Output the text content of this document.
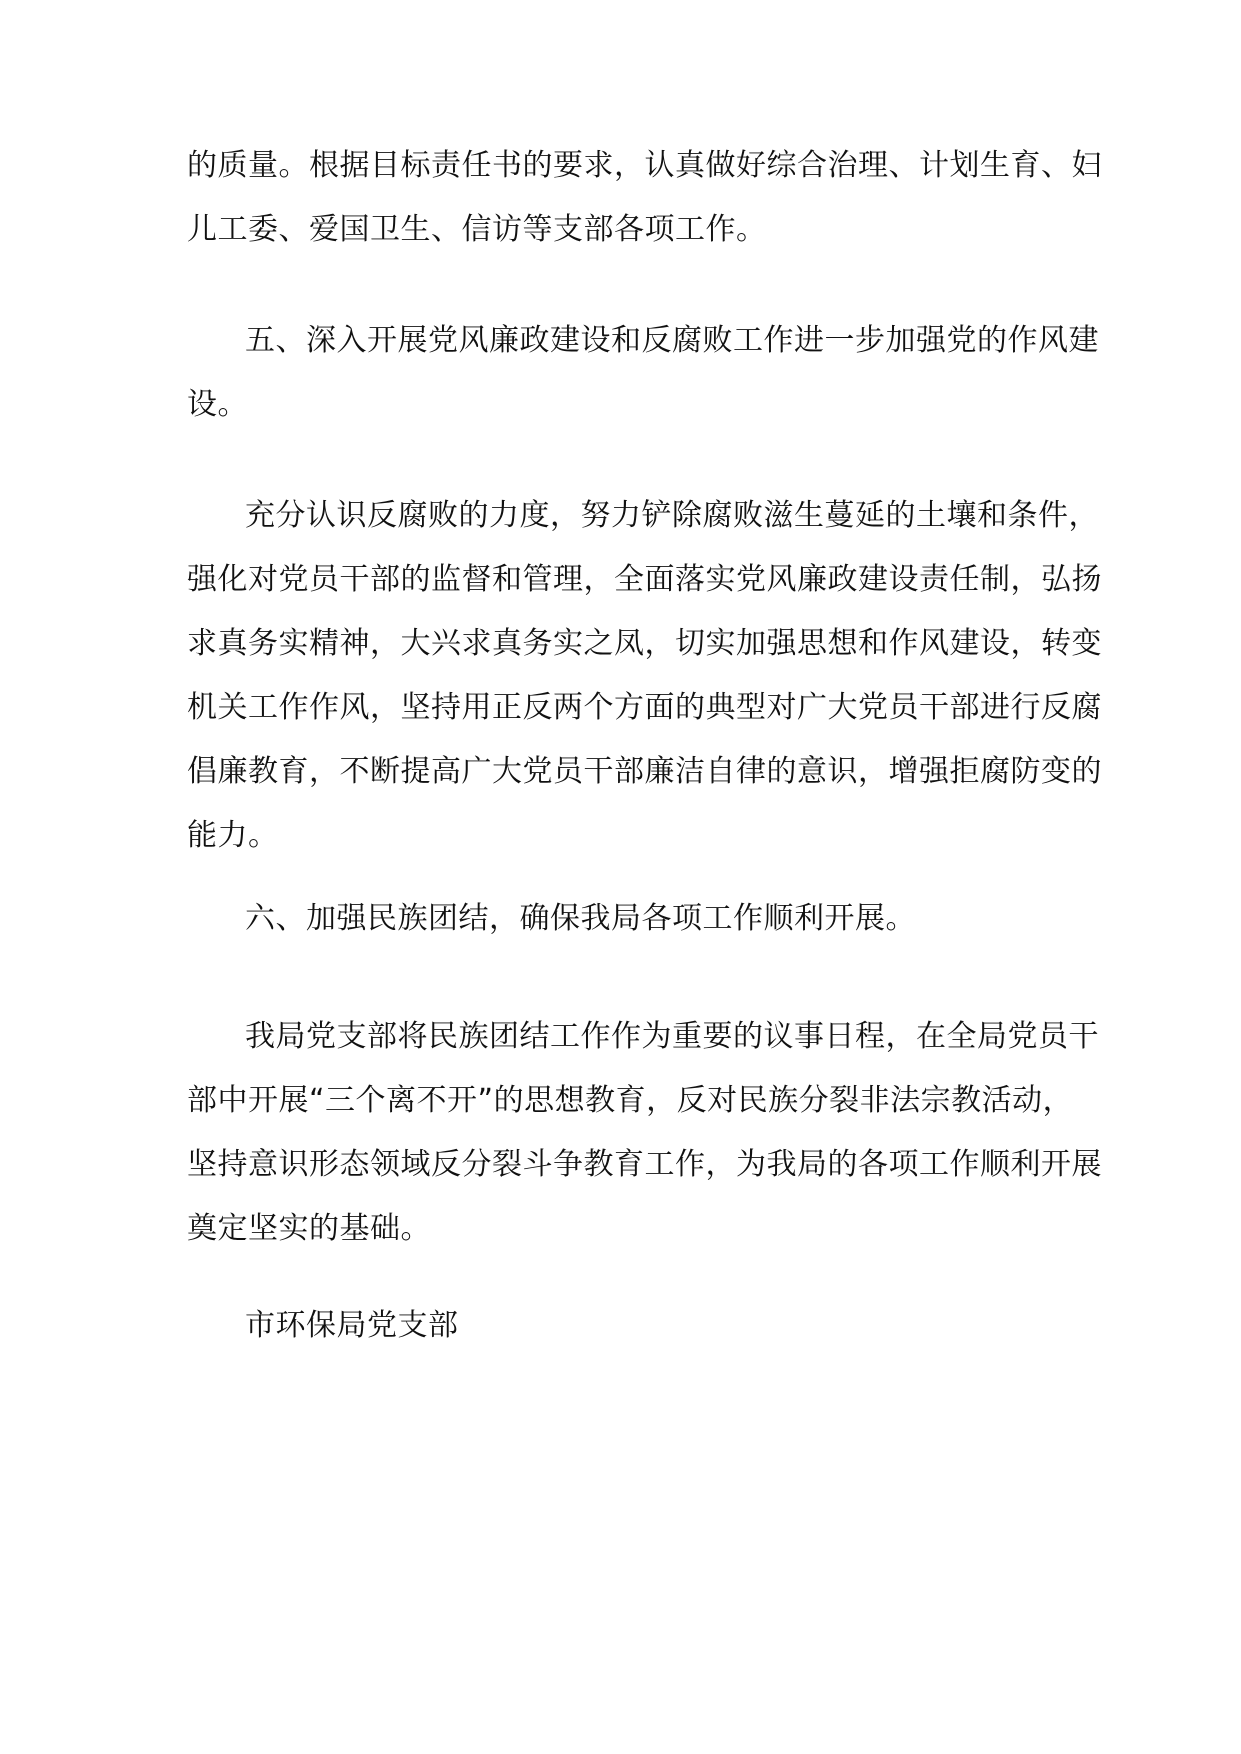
的质量。根据目标责任书的要求，认真做好综合治理、计划生育、妇
儿工委、爱国卫生、信访等支部各项工作。
五、深入开展党风廉政建设和反腐败工作进一步加强党的作风建
设。
充分认识反腐败的力度，努力铲除腐败滋生蔓延的土壤和条件，
强化对党员干部的监督和管理，全面落实党风廉政建设责任制，弘扬
求真务实精神，大兴求真务实之凤，切实加强思想和作风建设，转变
机关工作作风，坚持用正反两个方面的典型对广大党员干部进行反腐
倡廉教育，不断提高广大党员干部廉洁自律的意识，增强拒腐防变的
能力。
六、加强民族团结，确保我局各项工作顺利开展。
我局党支部将民族团结工作作为重要的议事日程，在全局党员干
部中开展“三个离不开”的思想教育，反对民族分裂非法宗教活动，
坚持意识形态领域反分裂斗争教育工作，为我局的各项工作顺利开展
奠定坚实的基础。
市环保局党支部
